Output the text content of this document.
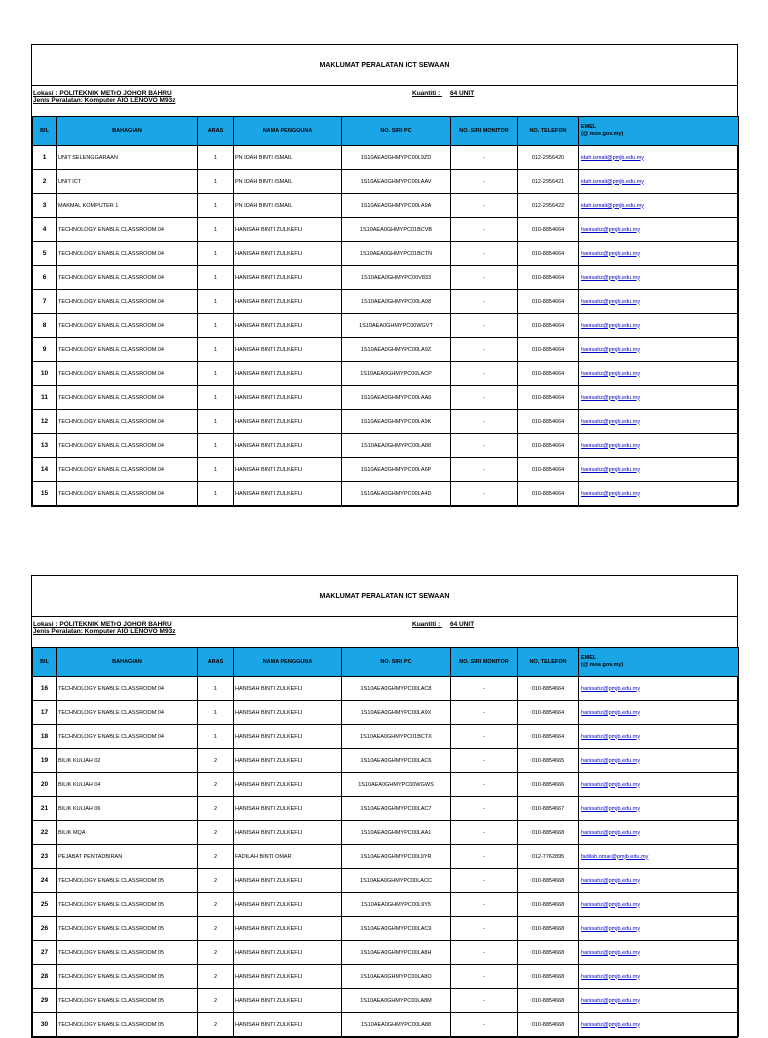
MAKLUMAT PERALATAN ICT SEWAAN
Lokasi : POLITEKNIK METrO JOHOR BAHRU
Jenis Peralatan: Komputer AIO LENOVO M93z
Kuantiti : 64 UNIT
BIL	BAHAGIAN	ARAS	NAMA PENGGUNA	NO. SIRI PC	NO. SIRI MONITOR	NO. TELEFON	EMEL
(@ moe.gov.my)
1	UNIT SELENGGARAAN	1	PN IDAH BINTI ISMAIL	1S10AEA0GHMYPC00L9ZD	-	012-2956420	idah.ismail@pmjb.edu.my
2	UNIT ICT	1	PN IDAH BINTI ISMAIL	1S10AEA0GHMYPC00LAAV	-	012-2956421	idah.ismail@pmjb.edu.my
3	MAKMAL KOMPUTER 1	1	PN IDAH BINTI ISMAIL	1S10AEA0GHMYPC00LA9A	-	012-2956422	idah.ismail@pmjb.edu.my
4	TECHNOLOGY ENABLE CLASSROOM 04	1	HANISAH BINTI ZULKEFLI	1S10AEA0GHMYPC01BCVB	-	010-8854664	hanisahz@pmjb.edu.my
5	TECHNOLOGY ENABLE CLASSROOM 04	1	HANISAH BINTI ZULKEFLI	1S10AEA0GHMYPC01BCTN	-	010-8854664	hanisahz@pmjb.edu.my
6	TECHNOLOGY ENABLE CLASSROOM 04	1	HANISAH BINTI ZULKEFLI	1S10AEA0GHMYPC00V833	-	010-8854664	hanisahz@pmjb.edu.my
7	TECHNOLOGY ENABLE CLASSROOM 04	1	HANISAH BINTI ZULKEFLI	1S10AEA0GHMYPC00LA98	-	010-8854664	hanisahz@pmjb.edu.my
8	TECHNOLOGY ENABLE CLASSROOM 04	1	HANISAH BINTI ZULKEFLI	1S10AEA0GHMYPC00WGVT	-	010-8854664	hanisahz@pmjb.edu.my
9	TECHNOLOGY ENABLE CLASSROOM 04	1	HANISAH BINTI ZULKEFLI	1S10AEA0GHMYPC00LA9Z	-	010-8854664	hanisahz@pmjb.edu.my
10	TECHNOLOGY ENABLE CLASSROOM 04	1	HANISAH BINTI ZULKEFLI	1S10AEA0GHMYPC00LACP	-	010-8854664	hanisahz@pmjb.edu.my
11	TECHNOLOGY ENABLE CLASSROOM 04	1	HANISAH BINTI ZULKEFLI	1S10AEA0GHMYPC00LAA6	-	010-8854664	hanisahz@pmjb.edu.my
12	TECHNOLOGY ENABLE CLASSROOM 04	1	HANISAH BINTI ZULKEFLI	1S10AEA0GHMYPC00LA9K	-	010-8854664	hanisahz@pmjb.edu.my
13	TECHNOLOGY ENABLE CLASSROOM 04	1	HANISAH BINTI ZULKEFLI	1S10AEA0GHMYPC00LA88	-	010-8854664	hanisahz@pmjb.edu.my
14	TECHNOLOGY ENABLE CLASSROOM 04	1	HANISAH BINTI ZULKEFLI	1S10AEA0GHMYPC00LA6P	-	010-8854664	hanisahz@pmjb.edu.my
15	TECHNOLOGY ENABLE CLASSROOM 04	1	HANISAH BINTI ZULKEFLI	1S10AEA0GHMYPC00LA4D	-	010-8854664	hanisahz@pmjb.edu.my
MAKLUMAT PERALATAN ICT SEWAAN
Lokasi : POLITEKNIK METrO JOHOR BAHRU
Jenis Peralatan: Komputer AIO LENOVO M93z
Kuantiti : 64 UNIT
BIL	BAHAGIAN	ARAS	NAMA PENGGUNA	NO. SIRI PC	NO. SIRI MONITOR	NO. TELEFON	EMEL
(@ moe.gov.my)
16	TECHNOLOGY ENABLE CLASSROOM 04	1	HANISAH BINTI ZULKEFLI	1S10AEA0GHMYPC00LAC8	-	010-8854664	hanisahz@pmjb.edu.my
17	TECHNOLOGY ENABLE CLASSROOM 04	1	HANISAH BINTI ZULKEFLI	1S10AEA0GHMYPC00LA9X	-	010-8854664	hanisahz@pmjb.edu.my
18	TECHNOLOGY ENABLE CLASSROOM 04	1	HANISAH BINTI ZULKEFLI	1S10AEA0GHMYPC01BCTX	-	010-8854664	hanisahz@pmjb.edu.my
19	BILIK KULIAH 02	2	HANISAH BINTI ZULKEFLI	1S10AEA0GHMYPC00LAC6	-	010-8854665	hanisahz@pmjb.edu.my
20	BILIK KULIAH 04	2	HANISAH BINTI ZULKEFLI	1S10AEA0GHMYPC00WGWS	-	010-8854666	hanisahz@pmjb.edu.my
21	BILIK KULIAH 06	2	HANISAH BINTI ZULKEFLI	1S10AEA0GHMYPC00LAC7	-	010-8854667	hanisahz@pmjb.edu.my
22	BILIK MQA	2	HANISAH BINTI ZULKEFLI	1S10AEA0GHMYPC00LAA1	-	010-8854668	hanisahz@pmjb.edu.my
23	PEJABAT PENTADBIRAN	2	FADILAH BINTI OMAR	1S10AEA0GHMYPC00L9YR	-	012-7762895	fadilah.omar@pmjb.edu.my
24	TECHNOLOGY ENABLE CLASSROOM 05	2	HANISAH BINTI ZULKEFLI	1S10AEA0GHMYPC00LACC	-	010-8854668	hanisahz@pmjb.edu.my
25	TECHNOLOGY ENABLE CLASSROOM 05	2	HANISAH BINTI ZULKEFLI	1S10AEA0GHMYPC00L9Y5	-	010-8854668	hanisahz@pmjb.edu.my
26	TECHNOLOGY ENABLE CLASSROOM 05	2	HANISAH BINTI ZULKEFLI	1S10AEA0GHMYPC00LAC9	-	010-8854668	hanisahz@pmjb.edu.my
27	TECHNOLOGY ENABLE CLASSROOM 05	2	HANISAH BINTI ZULKEFLI	1S10AEA0GHMYPC00LA8H	-	010-8854668	hanisahz@pmjb.edu.my
28	TECHNOLOGY ENABLE CLASSROOM 05	2	HANISAH BINTI ZULKEFLI	1S10AEA0GHMYPC00LA8O	-	010-8854668	hanisahz@pmjb.edu.my
29	TECHNOLOGY ENABLE CLASSROOM 05	2	HANISAH BINTI ZULKEFLI	1S10AEA0GHMYPC00LA8M	-	010-8854668	hanisahz@pmjb.edu.my
30	TECHNOLOGY ENABLE CLASSROOM 05	2	HANISAH BINTI ZULKEFLI	1S10AEA0GHMYPC00LA88	-	010-8854668	hanisahz@pmjb.edu.my
